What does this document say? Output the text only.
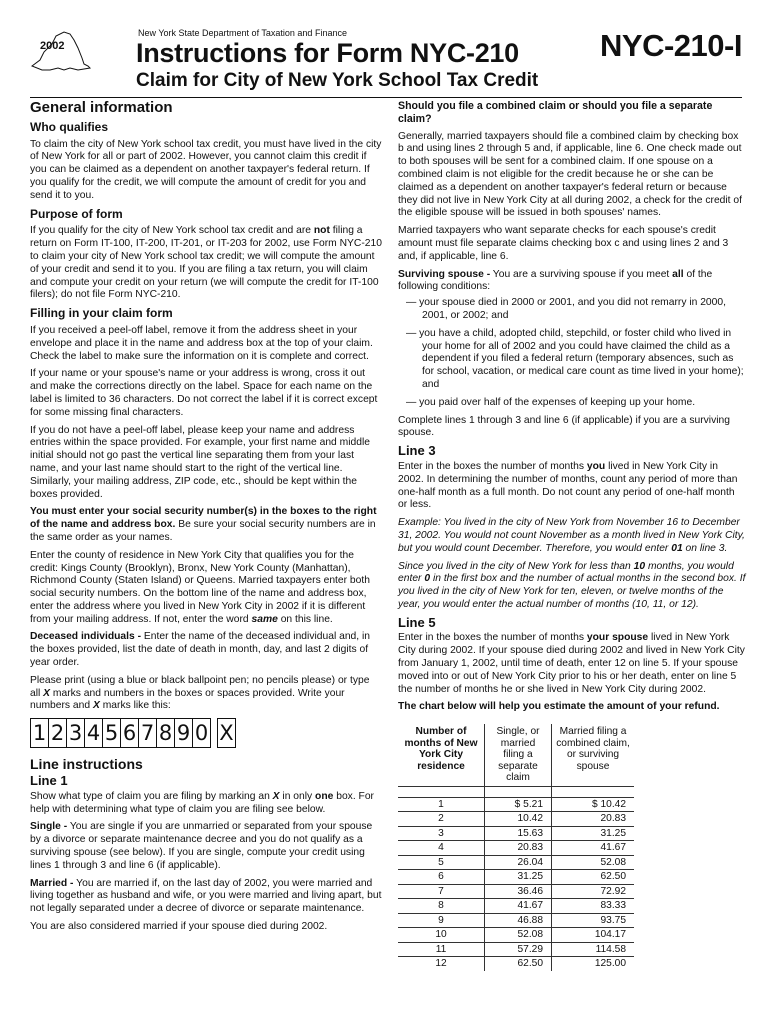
2002
New York State Department of Taxation and Finance
Instructions for Form NYC-210	NYC-210-I
Claim for City of New York School Tax Credit
General information
Who qualifies

To claim the city of New York school tax credit, you must have lived in the city of New York for all or part of 2002. However, you cannot claim this credit if you can be claimed as a dependent on another taxpayer's federal return. If you qualify for the credit, we will compute the amount of credit for you and send it to you.

Purpose of form

If you qualify for the city of New York school tax credit and are not filing a return on Form IT-100, IT-200, IT-201, or IT-203 for 2002, use Form NYC-210 to claim your city of New York school tax credit; we will compute the amount of your credit and send it to you. If you are filing a tax return, you will claim and compute your credit on your return (we will compute the credit for IT-100 filers); do not file Form NYC-210.

Filling in your claim form

If you received a peel-off label, remove it from the address sheet in your envelope and place it in the name and address box at the top of your claim. Check the label to make sure the information on it is complete and correct.

If your name or your spouse's name or your address is wrong, cross it out and make the corrections directly on the label. Space for each name on the label is limited to 36 characters. Do not correct the label if it is correct except for some missing final characters.

If you do not have a peel-off label, please keep your name and address entries within the space provided. For example, your first name and middle initial should not go past the vertical line separating them from your last name, and your last name should start to the right of the vertical line. Similarly, your mailing address, ZIP code, etc., should be kept within the boxes provided.

You must enter your social security number(s) in the boxes to the right of the name and address box. Be sure your social security numbers are in the same order as your names.

Enter the county of residence in New York City that qualifies you for the credit: Kings County (Brooklyn), Bronx, New York County (Manhattan), Richmond County (Staten Island) or Queens. Married taxpayers enter both social security numbers. On the bottom line of the name and address box, enter the address where you lived in New York City in 2002 if it is different from your mailing address. If not, enter the word same on this line.

Deceased individuals - Enter the name of the deceased individual and, in the boxes provided, list the date of death in month, day, and last 2 digits of year order.

Please print (using a blue or black ballpoint pen; no pencils please) or type all X marks and numbers in the boxes or spaces provided. Write your numbers and X marks like this:

1 2 3 4 5 6 7 8 9 0 X
Line instructions
Line 1

Show what type of claim you are filing by marking an X in only one box. For help with determining what type of claim you are filing see below.

Single - You are single if you are unmarried or separated from your spouse by a divorce or separate maintenance decree and you do not qualify as a surviving spouse (see below). If you are single, compute your credit using lines 1 through 3 and line 6 (if applicable).

Married - You are married if, on the last day of 2002, you were married and living together as husband and wife, or you were married and living apart, but not legally separated under a decree of divorce or separate maintenance.

You are also considered married if your spouse died during 2002.

Should you file a combined claim or should you file a separate claim?

Generally, married taxpayers should file a combined claim by checking box b and using lines 2 through 5 and, if applicable, line 6. One check made out to both spouses will be sent for a combined claim. If one spouse on a combined claim is not eligible for the credit because he or she can be claimed as a dependent on another taxpayer's federal return or because they did not live in New York City at all during 2002, a check for the credit of the eligible spouse will be issued in both spouses' names.

Married taxpayers who want separate checks for each spouse's credit amount must file separate claims checking box c and using lines 2 and 3 and, if applicable, line 6.

Surviving spouse - You are a surviving spouse if you meet all of the following conditions:

— your spouse died in 2000 or 2001, and you did not remarry in 2000, 2001, or 2002; and

— you have a child, adopted child, stepchild, or foster child who lived in your home for all of 2002 and you could have claimed the child as a dependent if you filed a federal return (temporary absences, such as for school, vacation, or medical care count as time lived in your home); and

— you paid over half of the expenses of keeping up your home.

Complete lines 1 through 3 and line 6 (if applicable) if you are a surviving spouse.

Line 3

Enter in the boxes the number of months you lived in New York City in 2002. In determining the number of months, count any period of more than one-half month as a full month. Do not count any period of one-half month or less.

Example: You lived in the city of New York from November 16 to December 31, 2002. You would not count November as a month lived in New York City, but you would count December. Therefore, you would enter 01 on line 3.

Since you lived in the city of New York for less than 10 months, you would enter 0 in the first box and the number of actual months in the second box. If you lived in the city of New York for ten, eleven, or twelve months of the year, you would enter the actual number of months (10, 11, or 12).

Line 5

Enter in the boxes the number of months your spouse lived in New York City during 2002. If your spouse died during 2002 and lived in New York City from January 1, 2002, until time of death, enter 12 on line 5. If your spouse moved into or out of New York City prior to his or her death, enter on line 5 the number of months he or she lived in New York City during 2002.

The chart below will help you estimate the amount of your refund.

Number of months of New York City residence	Single, or married filing a separate claim	Married filing a combined claim, or surviving spouse

1	$ 5.21	$ 10.42
2	10.42	20.83
3	15.63	31.25
4	20.83	41.67
5	26.04	52.08
6	31.25	62.50
7	36.46	72.92
8	41.67	83.33
9	46.88	93.75
10	52.08	104.17
11	57.29	114.58
12	62.50	125.00
